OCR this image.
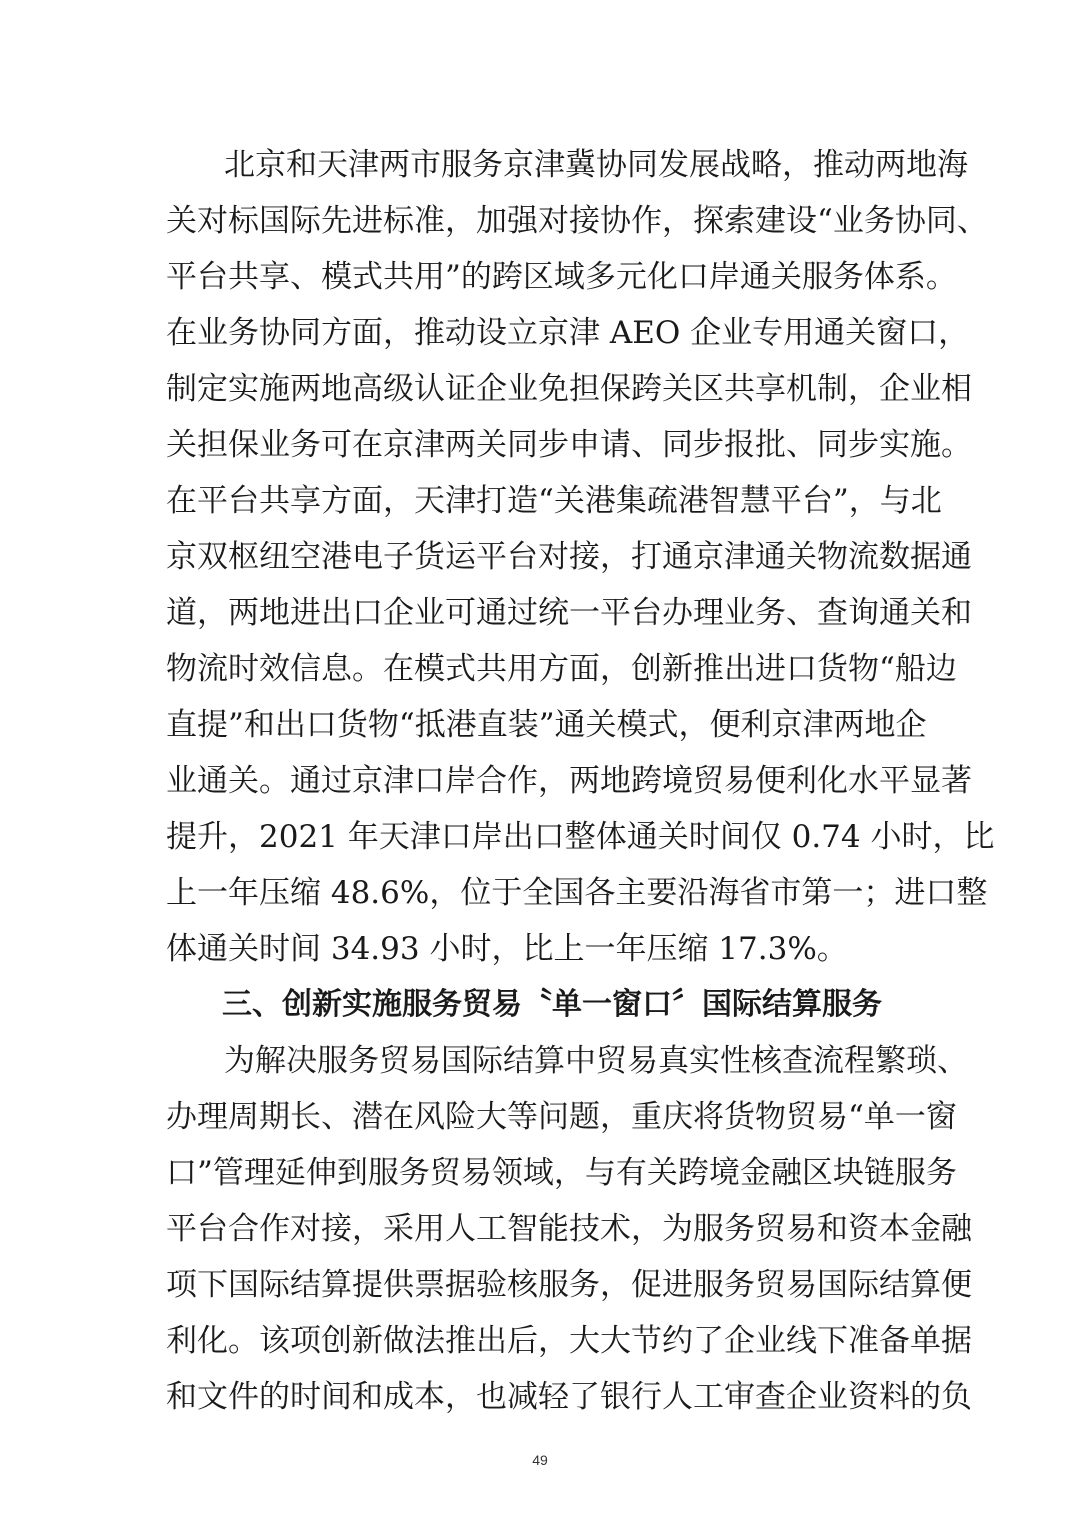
北京和天津两市服务京津冀协同发展战略，推动两地海
关对标国际先进标准，加强对接协作，探索建设“业务协同、
平台共享、模式共用”的跨区域多元化口岸通关服务体系。
在业务协同方面，推动设立京津 AEO 企业专用通关窗口，
制定实施两地高级认证企业免担保跨关区共享机制，企业相
关担保业务可在京津两关同步申请、同步报批、同步实施。
在平台共享方面，天津打造“关港集疏港智慧平台”，与北
京双枢纽空港电子货运平台对接，打通京津通关物流数据通
道，两地进出口企业可通过统一平台办理业务、查询通关和
物流时效信息。在模式共用方面，创新推出进口货物“船边
直提”和出口货物“抵港直装”通关模式，便利京津两地企
业通关。通过京津口岸合作，两地跨境贸易便利化水平显著
提升，2021 年天津口岸出口整体通关时间仅 0.74 小时，比
上一年压缩 48.6%，位于全国各主要沿海省市第一；进口整
体通关时间 34.93 小时，比上一年压缩 17.3%。
三、创新实施服务贸易〝单一窗口〞国际结算服务
为解决服务贸易国际结算中贸易真实性核查流程繁琐、
办理周期长、潜在风险大等问题，重庆将货物贸易“单一窗
口”管理延伸到服务贸易领域，与有关跨境金融区块链服务
平台合作对接，采用人工智能技术，为服务贸易和资本金融
项下国际结算提供票据验核服务，促进服务贸易国际结算便
利化。该项创新做法推出后，大大节约了企业线下准备单据
和文件的时间和成本，也减轻了银行人工审查企业资料的负
49
